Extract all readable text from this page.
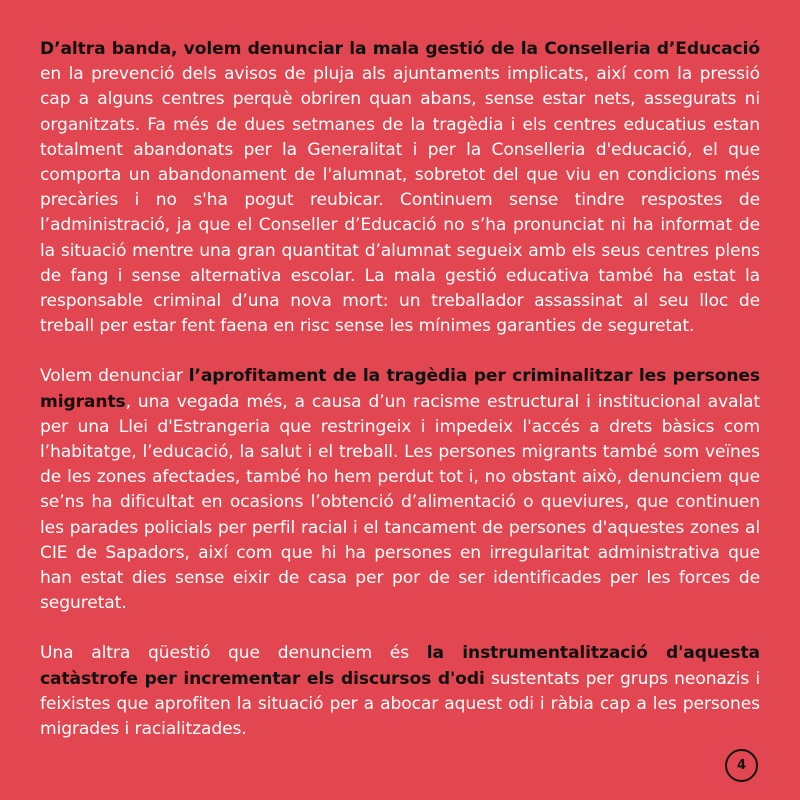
D’altra banda, volem denunciar la mala gestió de la Conselleria d’Educació en la prevenció dels avisos de pluja als ajuntaments implicats, així com la pressió cap a alguns centres perquè obriren quan abans, sense estar nets, assegurats ni organitzats. Fa més de dues setmanes de la tragèdia i els centres educatius estan totalment abandonats per la Generalitat i per la Conselleria d'educació, el que comporta un abandonament de l'alumnat, sobretot del que viu en condicions més precàries i no s'ha pogut reubicar. Continuem sense tindre respostes de l’administració, ja que el Conseller d’Educació no s’ha pronunciat ni ha informat de la situació mentre una gran quantitat d’alumnat segueix amb els seus centres plens de fang i sense alternativa escolar. La mala gestió educativa també ha estat la responsable criminal d’una nova mort: un treballador assassinat al seu lloc de treball per estar fent faena en risc sense les mínimes garanties de seguretat.

Volem denunciar l’aprofitament de la tragèdia per criminalitzar les persones migrants, una vegada més, a causa d’un racisme estructural i institucional avalat per una Llei d'Estrangeria que restringeix i impedeix l'accés a drets bàsics com l’habitatge, l’educació, la salut i el treball. Les persones migrants també som veïnes de les zones afectades, també ho hem perdut tot i, no obstant això, denunciem que se’ns ha dificultat en ocasions l’obtenció d’alimentació o queviures, que continuen les parades policials per perfil racial i el tancament de persones d'aquestes zones al CIE de Sapadors, així com que hi ha persones en irregularitat administrativa que han estat dies sense eixir de casa per por de ser identificades per les forces de seguretat.

Una altra qüestió que denunciem és la instrumentalització d'aquesta catàstrofe per incrementar els discursos d'odi sustentats per grups neonazis i feixistes que aprofiten la situació per a abocar aquest odi i ràbia cap a les persones migrades i racialitzades.

4
